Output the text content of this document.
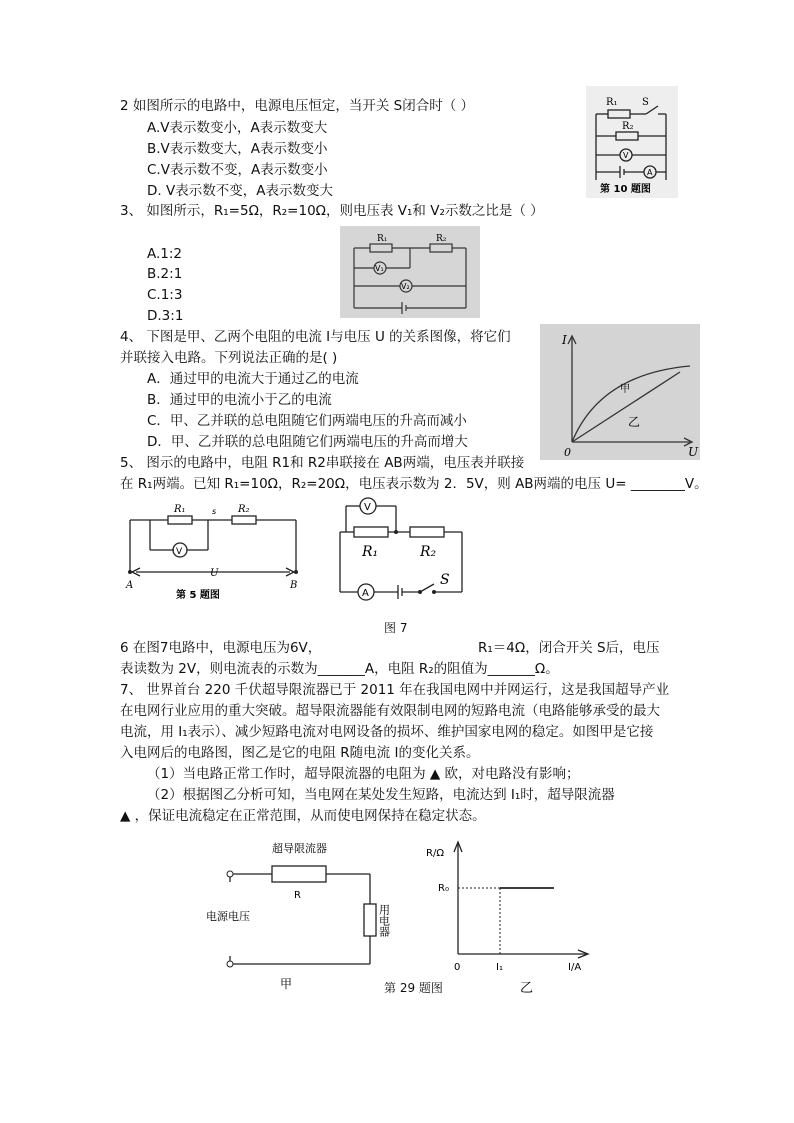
2 如图所示的电路中，电源电压恒定，当开关 S闭合时（ ）
A.V表示数变小，A表示数变大
B.V表示数变大，A表示数变小
C.V表示数不变，A表示数变小
D. V表示数不变，A表示数变大
R₁ S
R₂
V
A
第 10 题图
3、 如图所示，R₁=5Ω，R₂=10Ω，则电压表 V₁和 V₂示数之比是（ ）
A.1:2
B.2:1
C.1:3
D.3:1
R₁	R₂
V₁
V₂
4、 下图是甲、乙两个电阻的电流 I与电压 U 的关系图像，将它们
并联接入电路。下列说法正确的是( )
A．通过甲的电流大于通过乙的电流
B．通过甲的电流小于乙的电流
C．甲、乙并联的总电阻随它们两端电压的升高而减小
D．甲、乙并联的总电阻随它们两端电压的升高而增大
I
U
0
甲
乙
5、 图示的电路中，电阻 R1和 R2串联接在 AB两端，电压表并联接
在 R₁两端。已知 R₁=10Ω，R₂=20Ω，电压表示数为 2．5V，则 AB两端的电压 U= ________V。
R₁	R₂
s
V
A	B
U
第 5 题图
V
R₁	R₂
A
S
图 7
6 在图7电路中，电源电压为6V，	R₁＝4Ω，闭合开关 S后，电压
表读数为 2V，则电流表的示数为_______A，电阻 R₂的阻值为_______Ω。
7、 世界首台 220 千伏超导限流器已于 2011 年在我国电网中并网运行，这是我国超导产业
在电网行业应用的重大突破。超导限流器能有效限制电网的短路电流（电路能够承受的最大
电流，用 I₁表示）、减少短路电流对电网设备的损坏、维护国家电网的稳定。如图甲是它接
入电网后的电路图，图乙是它的电阻 R随电流 I的变化关系。
（1）当电路正常工作时，超导限流器的电阻为 ▲ 欧，对电路没有影响；
（2）根据图乙分析可知，当电网在某处发生短路，电流达到 I₁时，超导限流器
▲ ，保证电流稳定在正常范围，从而使电网保持在稳定状态。
超导限流器
R
电源电压	用电器
甲
R/Ω
R₀
0	I₁	I/A
乙
第 29 题图
